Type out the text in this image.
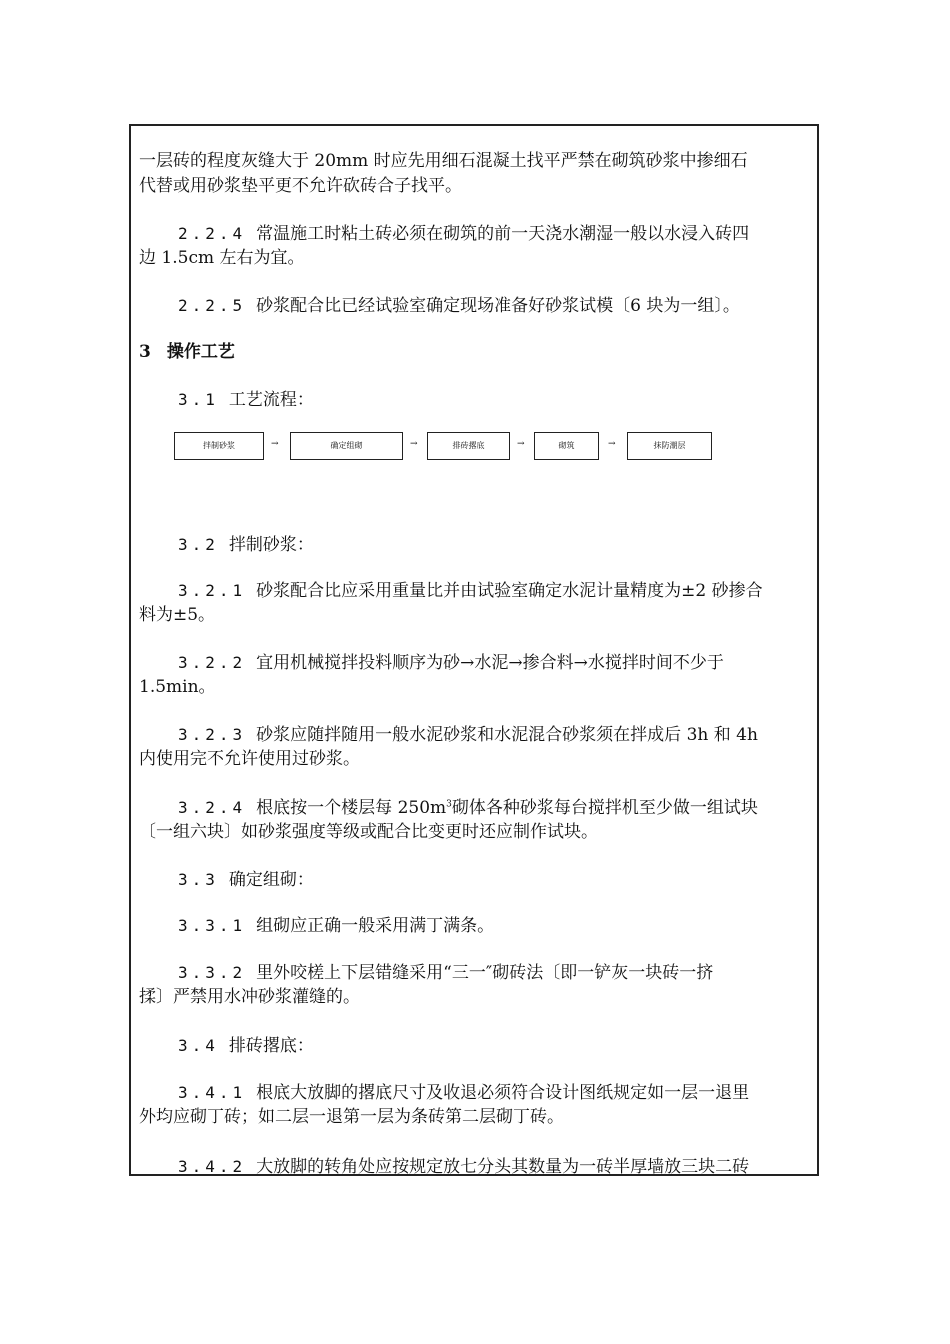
一层砖的程度灰缝大于 20mm 时应先用细石混凝土找平严禁在砌筑砂浆中掺细石
代替或用砂浆垫平更不允许砍砖合子找平。
2.2.4 常温施工时粘土砖必须在砌筑的前一天浇水潮湿一般以水浸入砖四
边 1.5cm 左右为宜。
2.2.5 砂浆配合比已经试验室确定现场准备好砂浆试模〔6 块为一组〕。
3 操作工艺
3.1 工艺流程：
拌制砂浆	→	确定组砌	→	排砖撂底	→	砌筑	→	抹防潮层
3.2 拌制砂浆：
3.2.1 砂浆配合比应采用重量比并由试验室确定水泥计量精度为±2 砂掺合
料为±5。
3.2.2 宜用机械搅拌投料顺序为砂→水泥→掺合料→水搅拌时间不少于
1.5min。
3.2.3 砂浆应随拌随用一般水泥砂浆和水泥混合砂浆须在拌成后 3h 和 4h
内使用完不允许使用过砂浆。
3.2.4 根底按一个楼层每 $250m^3$砌体各种砂浆每台搅拌机至少做一组试块
〔一组六块〕如砂浆强度等级或配合比变更时还应制作试块。
3.3 确定组砌：
3.3.1 组砌应正确一般采用满丁满条。
3.3.2 里外咬槎上下层错缝采用“三一″砌砖法〔即一铲灰一块砖一挤
揉〕严禁用水冲砂浆灌缝的。
3.4 排砖撂底：
3.4.1 根底大放脚的撂底尺寸及收退必须符合设计图纸规定如一层一退里
外均应砌丁砖；如二层一退第一层为条砖第二层砌丁砖。
3.4.2 大放脚的转角处应按规定放七分头其数量为一砖半厚墙放三块二砖
